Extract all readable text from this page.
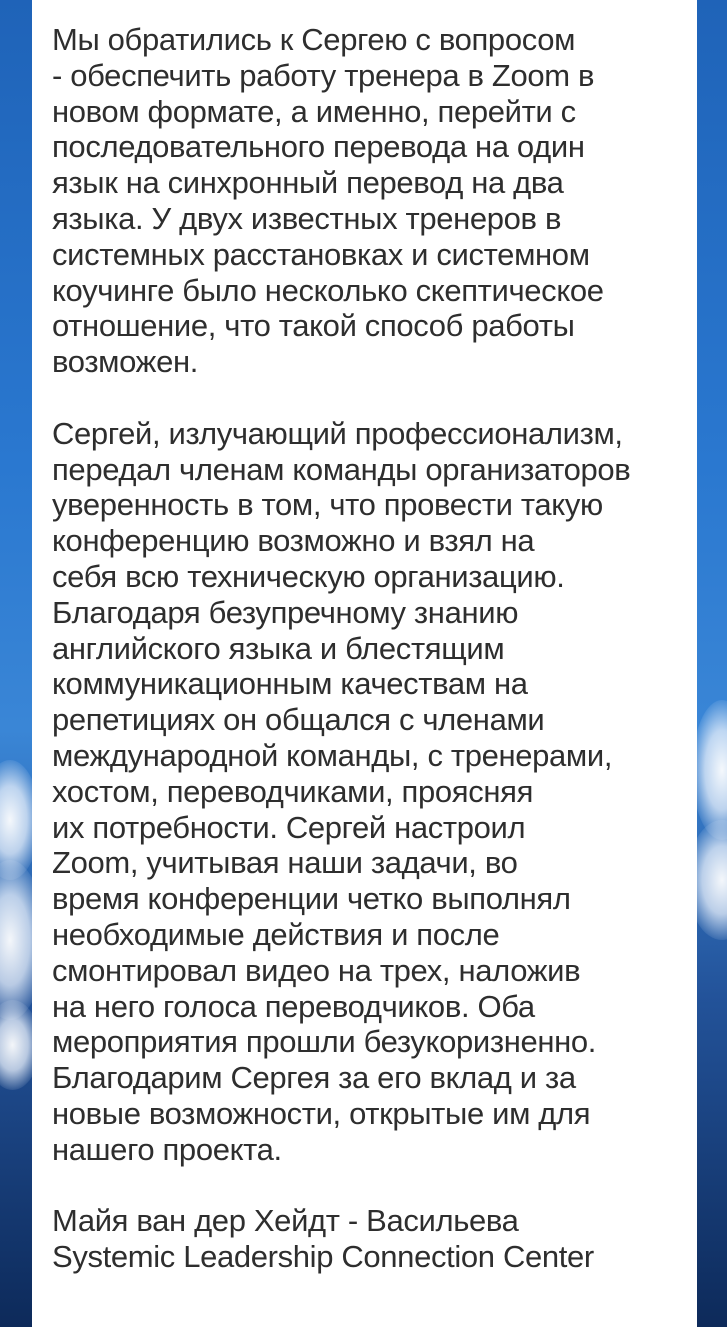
Мы обратились к Сергею с вопросом
- обеспечить работу тренера в Zoom в
новом формате, а именно, перейти с
последовательного перевода на один
язык на синхронный перевод на два
языка. У двух известных тренеров в
системных расстановках и системном
коучинге было несколько скептическое
отношение, что такой способ работы
возможен.
Сергей, излучающий профессионализм,
передал членам команды организаторов
уверенность в том, что провести такую
конференцию возможно и взял на
себя всю техническую организацию.
Благодаря безупречному знанию
английского языка и блестящим
коммуникационным качествам на
репетициях он общался с членами
международной команды, с тренерами,
хостом, переводчиками, проясняя
их потребности. Сергей настроил
Zoom, учитывая наши задачи, во
время конференции четко выполнял
необходимые действия и после
смонтировал видео на трех, наложив
на него голоса переводчиков. Оба
мероприятия прошли безукоризненно.
Благодарим Сергея за его вклад и за
новые возможности, открытые им для
нашего проекта.
Майя ван дер Хейдт - Васильева
Systemic Leadership Connection Center
